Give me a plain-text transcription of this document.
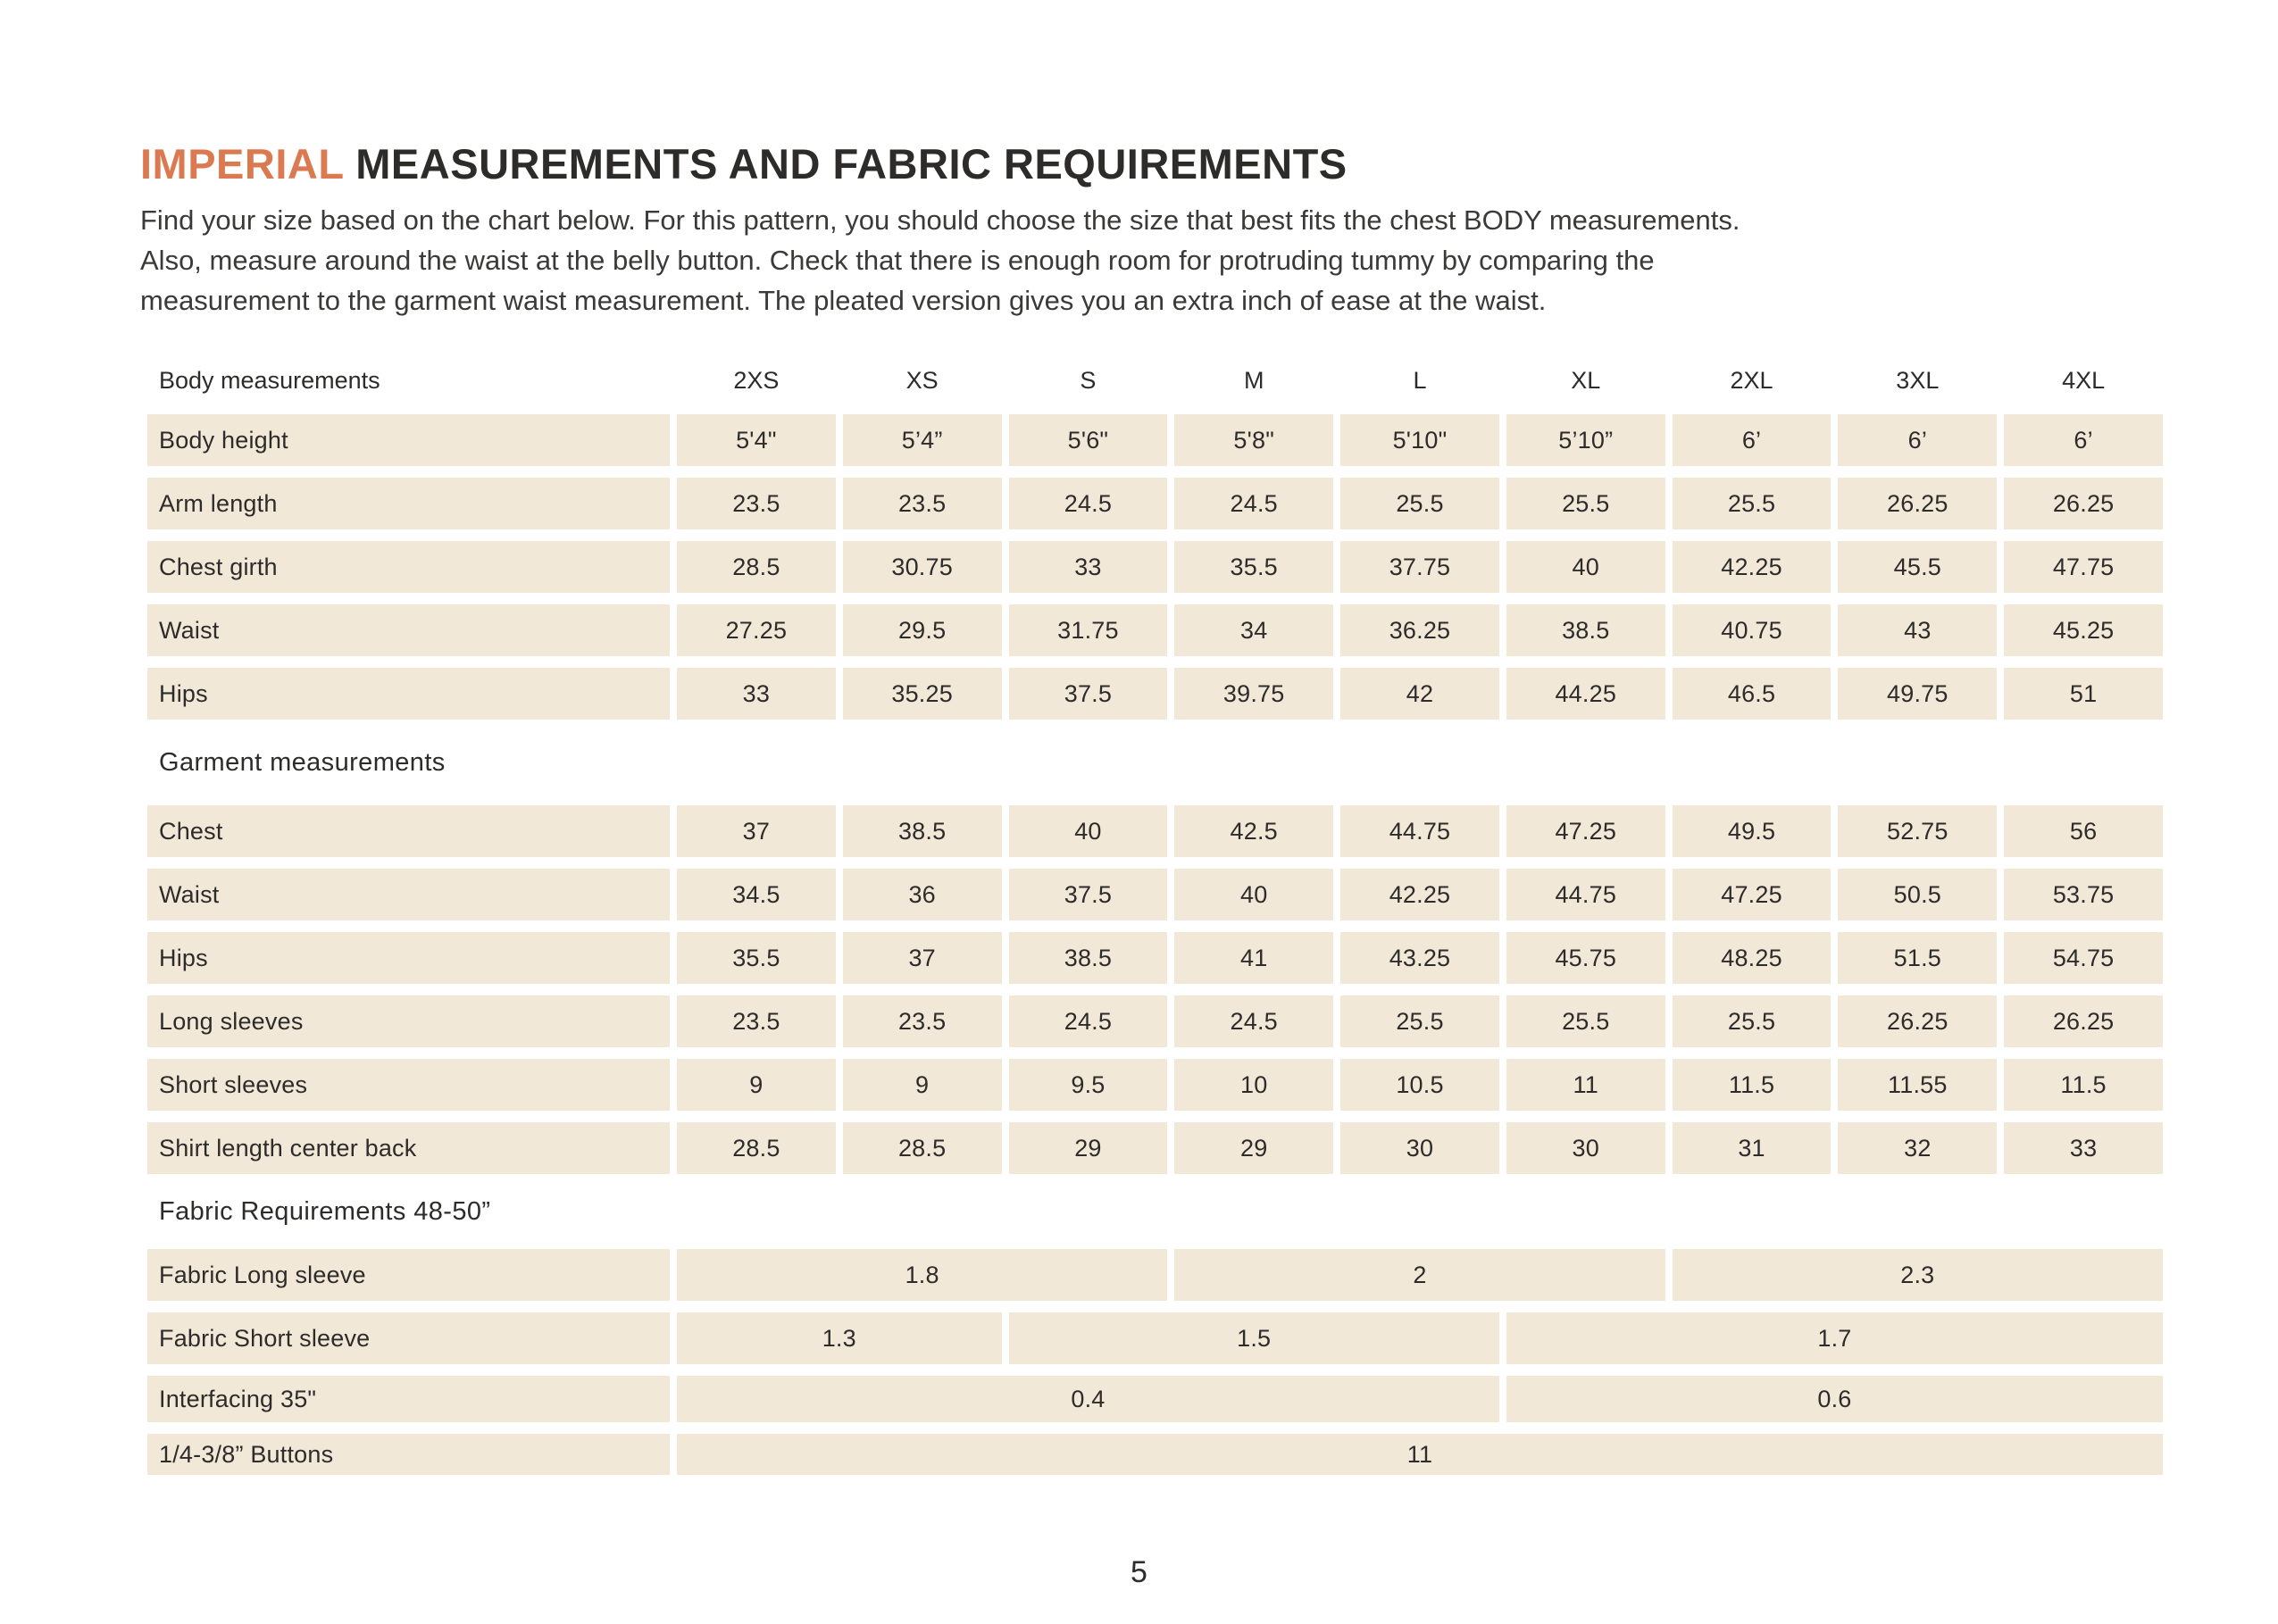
IMPERIAL MEASUREMENTS AND FABRIC REQUIREMENTS
Find your size based on the chart below. For this pattern, you should choose the size that best fits the chest BODY measurements.
Also, measure around the waist at the belly button. Check that there is enough room for protruding tummy by comparing the
measurement to the garment waist measurement. The pleated version gives you an extra inch of ease at the waist.
Body measurements	2XS	XS	S	M	L	XL	2XL	3XL	4XL
Body height	5'4"	5’4”	5'6"	5'8"	5'10"	5’10”	6’	6’	6’
Arm length	23.5	23.5	24.5	24.5	25.5	25.5	25.5	26.25	26.25
Chest girth	28.5	30.75	33	35.5	37.75	40	42.25	45.5	47.75
Waist	27.25	29.5	31.75	34	36.25	38.5	40.75	43	45.25
Hips	33	35.25	37.5	39.75	42	44.25	46.5	49.75	51
Garment measurements
Chest	37	38.5	40	42.5	44.75	47.25	49.5	52.75	56
Waist	34.5	36	37.5	40	42.25	44.75	47.25	50.5	53.75
Hips	35.5	37	38.5	41	43.25	45.75	48.25	51.5	54.75
Long sleeves	23.5	23.5	24.5	24.5	25.5	25.5	25.5	26.25	26.25
Short sleeves	9	9	9.5	10	10.5	11	11.5	11.55	11.5
Shirt length center back	28.5	28.5	29	29	30	30	31	32	33
Fabric Requirements 48-50”
Fabric Long sleeve	1.8	2	2.3
Fabric Short sleeve	1.3	1.5	1.7
Interfacing 35"	0.4	0.6
1/4-3/8” Buttons	11
5
